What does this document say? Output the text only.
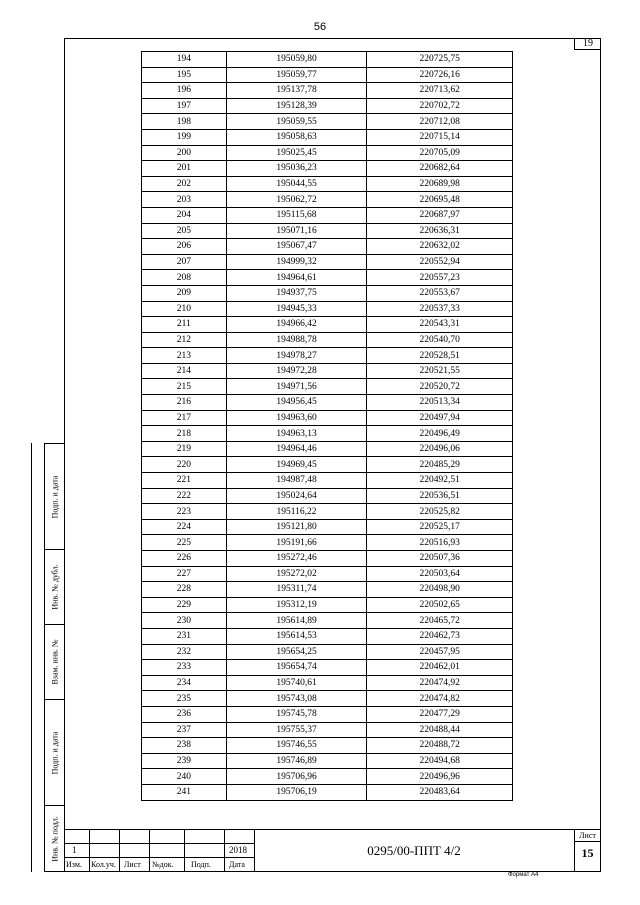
56
19
194	195059,80	220725,75
195	195059,77	220726,16
196	195137,78	220713,62
197	195128,39	220702,72
198	195059,55	220712,08
199	195058,63	220715,14
200	195025,45	220705,09
201	195036,23	220682,64
202	195044,55	220689,98
203	195062,72	220695,48
204	195115,68	220687,97
205	195071,16	220636,31
206	195067,47	220632,02
207	194999,32	220552,94
208	194964,61	220557,23
209	194937,75	220553,67
210	194945,33	220537,33
211	194966,42	220543,31
212	194988,78	220540,70
213	194978,27	220528,51
214	194972,28	220521,55
215	194971,56	220520,72
216	194956,45	220513,34
217	194963,60	220497,94
218	194963,13	220496,49
219	194964,46	220496,06
220	194969,45	220485,29
221	194987,48	220492,51
222	195024,64	220536,51
223	195116,22	220525,82
224	195121,80	220525,17
225	195191,66	220516,93
226	195272,46	220507,36
227	195272,02	220503,64
228	195311,74	220498,90
229	195312,19	220502,65
230	195614,89	220465,72
231	195614,53	220462,73
232	195654,25	220457,95
233	195654,74	220462,01
234	195740,61	220474,92
235	195743,08	220474,82
236	195745,78	220477,29
237	195755,37	220488,44
238	195746,55	220488,72
239	195746,89	220494,68
240	195706,96	220496,96
241	195706,19	220483,64
Подп. и дата
Инв. № дубл.
Взам. инв. №
Подп. и дата
Инв. № подл. 1	2018
Изм. Кол.уч. Лист №док. Подп. Дата
0295/00-ППТ 4/2
Лист
15
Формат А4
